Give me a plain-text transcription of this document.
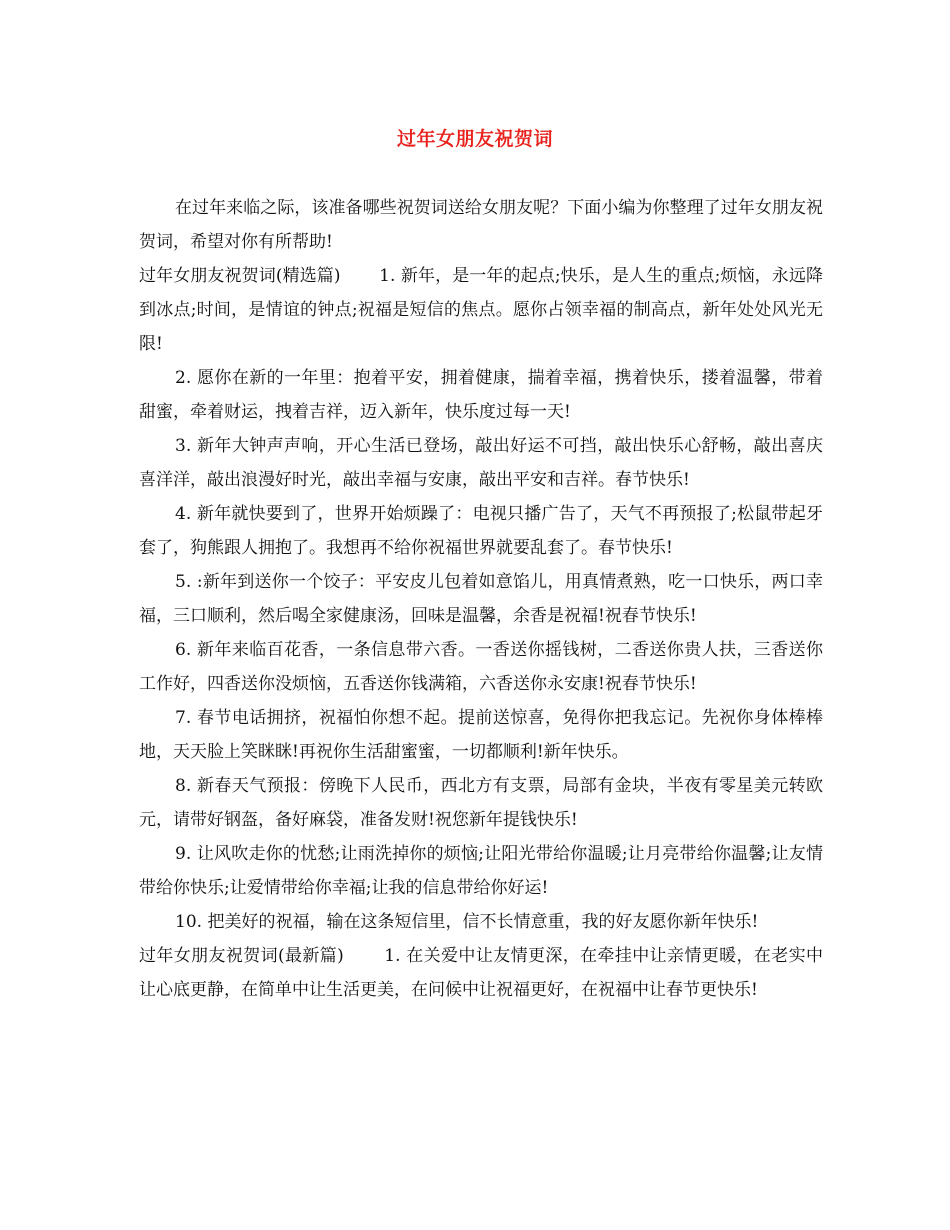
过年女朋友祝贺词

在过年来临之际，该准备哪些祝贺词送给女朋友呢？下面小编为你整理了过年女朋友祝贺词，希望对你有所帮助!

过年女朋友祝贺词(精选篇) 1. 新年，是一年的起点;快乐，是人生的重点;烦恼，永远降到冰点;时间，是情谊的钟点;祝福是短信的焦点。愿你占领幸福的制高点，新年处处风光无限!

2. 愿你在新的一年里：抱着平安，拥着健康，揣着幸福，携着快乐，搂着温馨，带着甜蜜，牵着财运，拽着吉祥，迈入新年，快乐度过每一天!

3. 新年大钟声声响，开心生活已登场，敲出好运不可挡，敲出快乐心舒畅，敲出喜庆喜洋洋，敲出浪漫好时光，敲出幸福与安康，敲出平安和吉祥。春节快乐!

4. 新年就快要到了，世界开始烦躁了：电视只播广告了，天气不再预报了;松鼠带起牙套了，狗熊跟人拥抱了。我想再不给你祝福世界就要乱套了。春节快乐!

5. :新年到送你一个饺子：平安皮儿包着如意馅儿，用真情煮熟，吃一口快乐，两口幸福，三口顺利，然后喝全家健康汤，回味是温馨，余香是祝福!祝春节快乐!

6. 新年来临百花香，一条信息带六香。一香送你摇钱树，二香送你贵人扶，三香送你工作好，四香送你没烦恼，五香送你钱满箱，六香送你永安康!祝春节快乐!

7. 春节电话拥挤，祝福怕你想不起。提前送惊喜，免得你把我忘记。先祝你身体棒棒地，天天脸上笑眯眯!再祝你生活甜蜜蜜，一切都顺利!新年快乐。

8. 新春天气预报：傍晚下人民币，西北方有支票，局部有金块，半夜有零星美元转欧元，请带好钢盔，备好麻袋，准备发财!祝您新年提钱快乐!

9. 让风吹走你的忧愁;让雨洗掉你的烦恼;让阳光带给你温暖;让月亮带给你温馨;让友情带给你快乐;让爱情带给你幸福;让我的信息带给你好运!

10. 把美好的祝福，输在这条短信里，信不长情意重，我的好友愿你新年快乐!

过年女朋友祝贺词(最新篇) 1. 在关爱中让友情更深，在牵挂中让亲情更暖，在老实中让心底更静，在简单中让生活更美，在问候中让祝福更好，在祝福中让春节更快乐!
